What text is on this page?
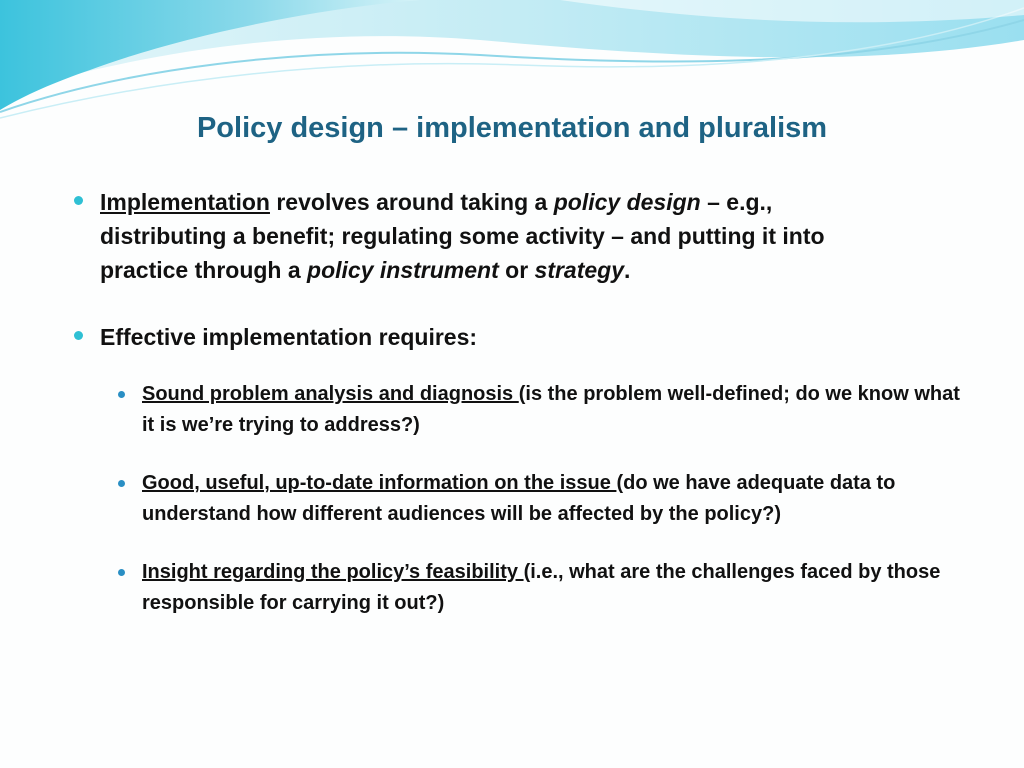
Policy design – implementation and pluralism
Implementation revolves around taking a policy design – e.g., distributing a benefit; regulating some activity – and putting it into practice through a policy instrument or strategy.
Effective implementation requires:
Sound problem analysis and diagnosis (is the problem well-defined; do we know what it is we’re trying to address?)
Good, useful, up-to-date information on the issue (do we have adequate data to understand how different audiences will be affected by the policy?)
Insight regarding the policy’s feasibility (i.e., what are the challenges faced by those responsible for carrying it out?)
